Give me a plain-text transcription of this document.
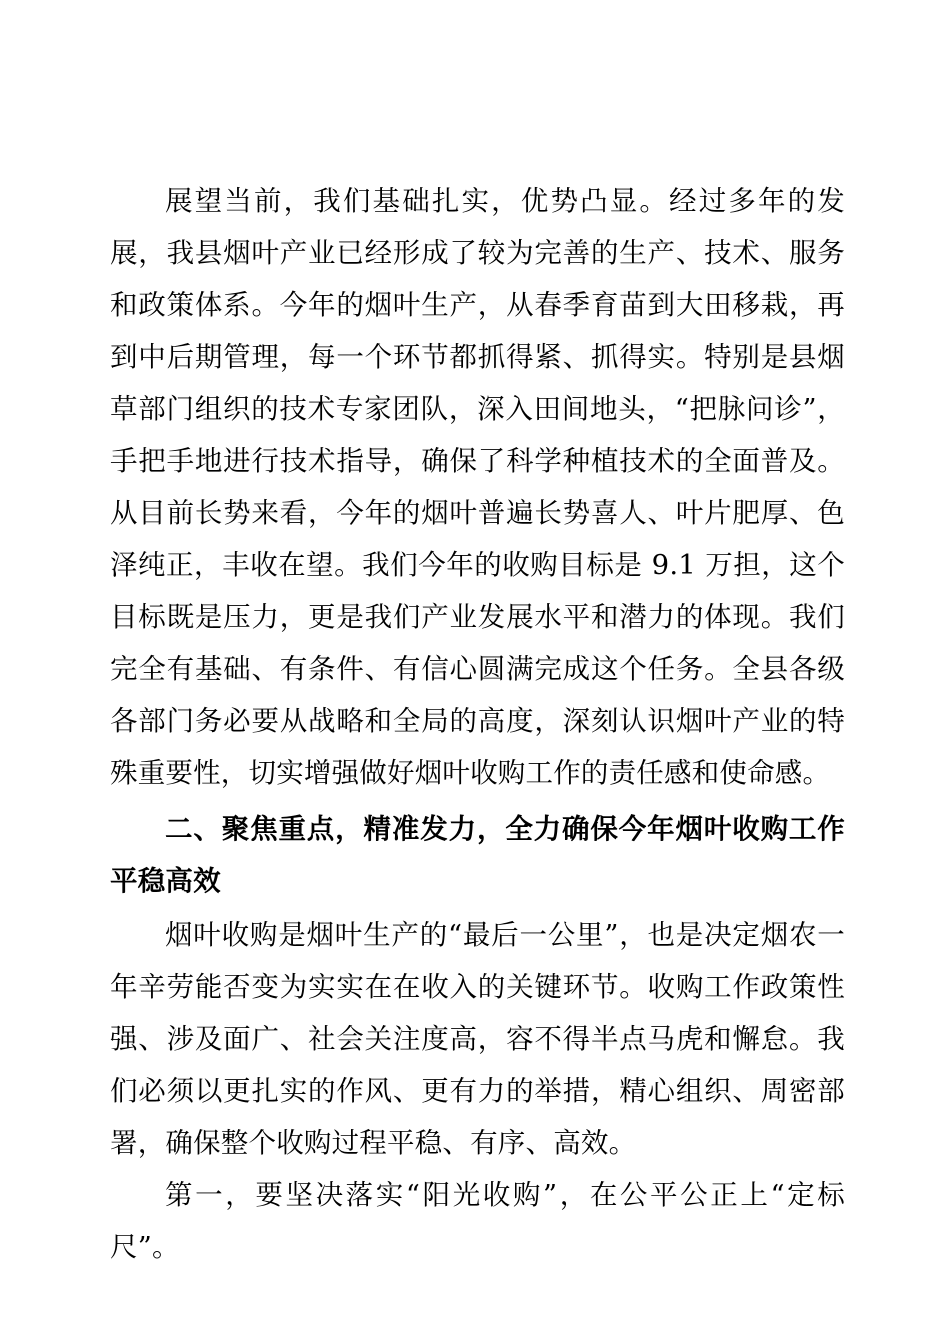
展望当前，我们基础扎实，优势凸显。经过多年的发展，我县烟叶产业已经形成了较为完善的生产、技术、服务和政策体系。今年的烟叶生产，从春季育苗到大田移栽，再到中后期管理，每一个环节都抓得紧、抓得实。特别是县烟草部门组织的技术专家团队，深入田间地头，“把脉问诊”，手把手地进行技术指导，确保了科学种植技术的全面普及。从目前长势来看，今年的烟叶普遍长势喜人、叶片肥厚、色泽纯正，丰收在望。我们今年的收购目标是 9.1 万担，这个目标既是压力，更是我们产业发展水平和潜力的体现。我们完全有基础、有条件、有信心圆满完成这个任务。全县各级各部门务必要从战略和全局的高度，深刻认识烟叶产业的特殊重要性，切实增强做好烟叶收购工作的责任感和使命感。

二、聚焦重点，精准发力，全力确保今年烟叶收购工作平稳高效

烟叶收购是烟叶生产的“最后一公里”，也是决定烟农一年辛劳能否变为实实在在收入的关键环节。收购工作政策性强、涉及面广、社会关注度高，容不得半点马虎和懈怠。我们必须以更扎实的作风、更有力的举措，精心组织、周密部署，确保整个收购过程平稳、有序、高效。

第一，要坚决落实“阳光收购”，在公平公正上“定标尺”。
